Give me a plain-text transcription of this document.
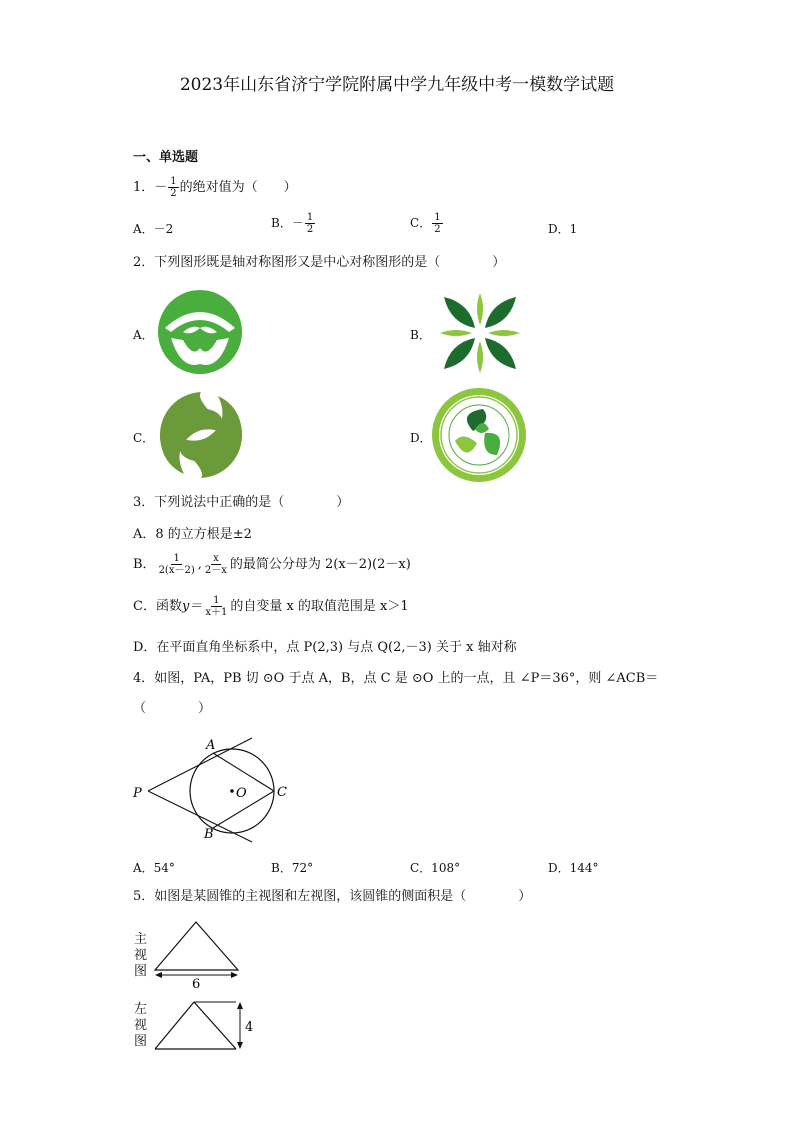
2023年山东省济宁学院附属中学九年级中考一模数学试题
一、单选题
1．－ $\frac{1}{2}$ 的绝对值为（　　）
A．－2	B．－ $\frac{1}{2}$	C． $\frac{1}{2}$	D．1
2．下列图形既是轴对称图形又是中心对称图形的是（　　　　）
A．	B．
C．	D．
3．下列说法中正确的是（　　　　）
A．8 的立方根是±2
B． $\frac{1}{2(x-2)}$ , $\frac{x}{2-x}$ 的最简公分母为 2(x－2)(2－x)
C．函数$y= \frac{1}{x+1}$ 的自变量 x 的取值范围是 x＞1
D．在平面直角坐标系中，点 P(2,3) 与点 Q(2,－3) 关于 x 轴对称
4．如图，PA，PB 切 ⊙O 于点 A，B，点 C 是 ⊙O 上的一点，且 ∠P＝36°，则 ∠ACB＝
（　　　　）
A
B
C
P	O
A．54°	B．72°	C．108°	D．144°
5．如图是某圆锥的主视图和左视图，该圆锥的侧面积是（　　　　）
主
视
图
6
左
视
图
4
